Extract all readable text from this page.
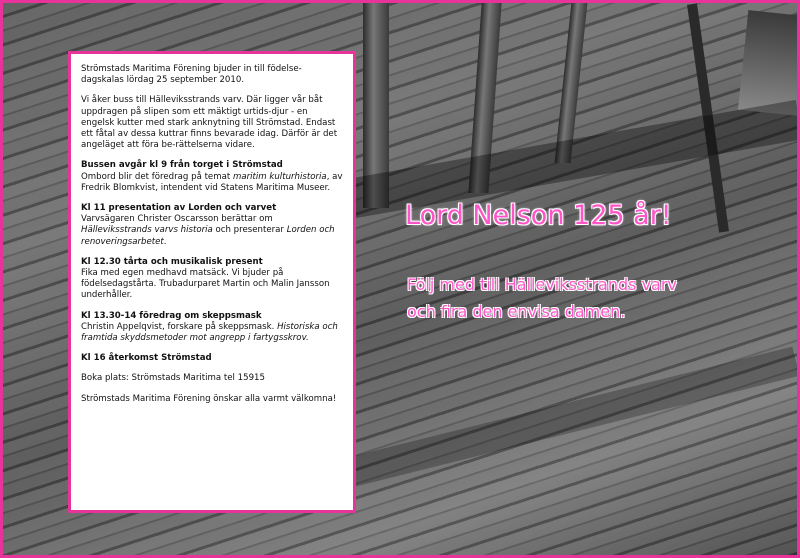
Strömstads Maritima Förening bjuder in till födelse-dagskalas lördag 25 september 2010.

Vi åker buss till Hälleviksstrands varv. Där ligger vår båt uppdragen på slipen som ett mäktigt urtids-djur - en engelsk kutter med stark anknytning till Strömstad. Endast ett fåtal av dessa kuttrar finns bevarade idag. Därför är det angeläget att föra be-rättelserna vidare.

Bussen avgår kl 9 från torget i Strömstad
Ombord blir det föredrag på temat maritim kulturhistoria, av Fredrik Blomkvist, intendent vid Statens Maritima Museer.

Kl 11 presentation av Lorden och varvet
Varvsägaren Christer Oscarsson berättar om Hälleviksstrands varvs historia och presenterar Lorden och renoveringsarbetet.

Kl 12.30 tårta och musikalisk present
Fika med egen medhavd matsäck. Vi bjuder på födelsedagstårta. Trubadurparet Martin och Malin Jansson underhåller.

Kl 13.30-14 föredrag om skeppsmask
Christin Appelqvist, forskare på skeppsmask. Historiska och framtida skyddsmetoder mot angrepp i fartygsskrov.

Kl 16 återkomst Strömstad

Boka plats: Strömstads Maritima tel 15915

Strömstads Maritima Förening önskar alla varmt välkomna!

Lord Nelson 125 år!
Följ med till Hälleviksstrands varv
och fira den envisa damen.
